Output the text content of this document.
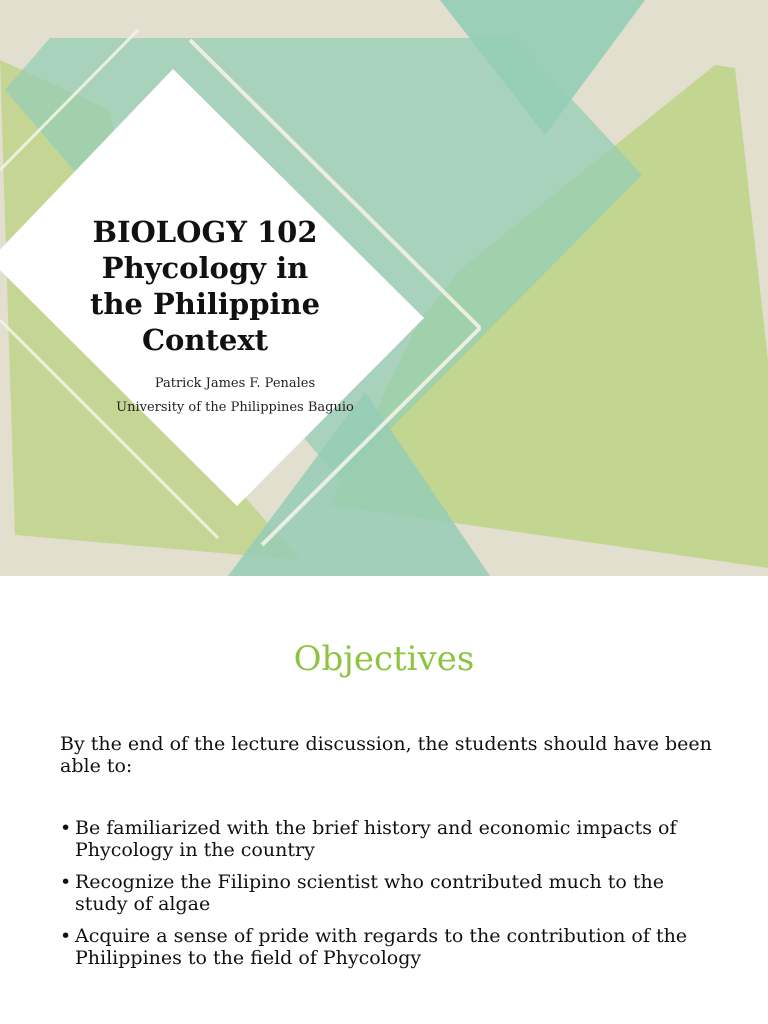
BIOLOGY 102
Phycology in
the Philippine
Context
Patrick James F. Penales
University of the Philippines Baguio
Objectives
By the end of the lecture discussion, the students should have been able to:
• Be familiarized with the brief history and economic impacts of Phycology in the country
• Recognize the Filipino scientist who contributed much to the study of algae
• Acquire a sense of pride with regards to the contribution of the Philippines to the field of Phycology
